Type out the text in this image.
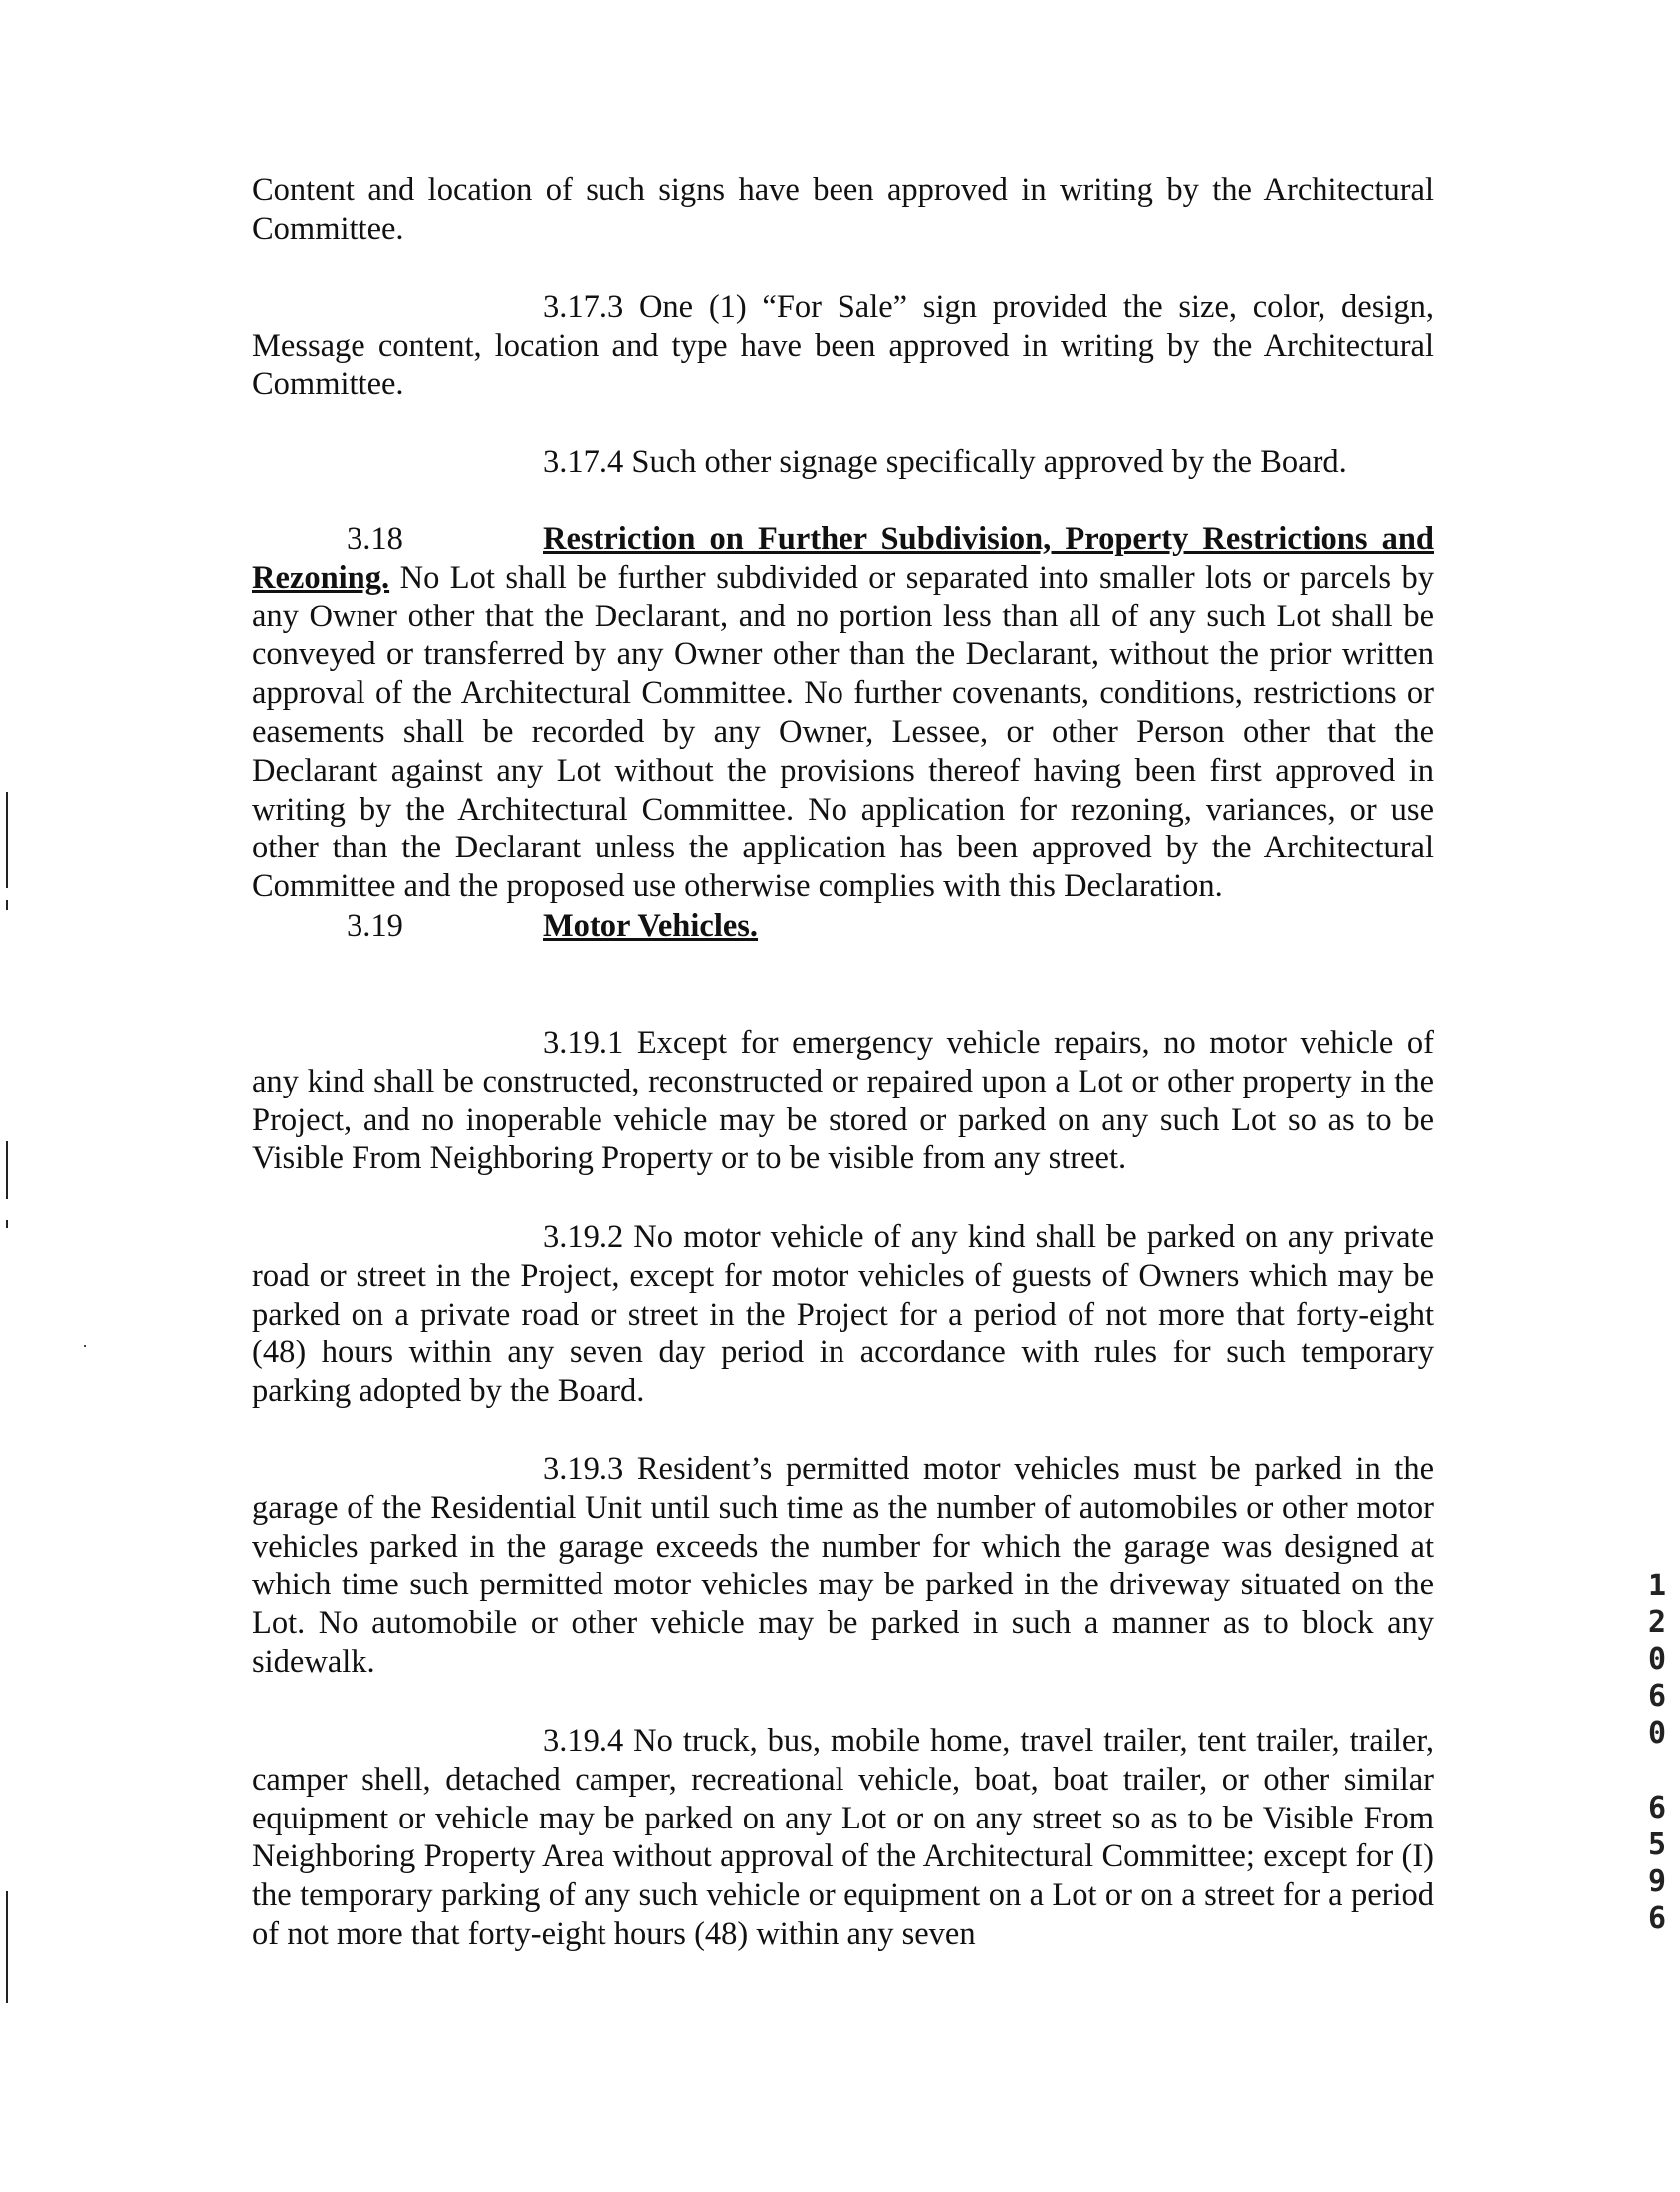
Content and location of such signs have been approved in writing by the Architectural Committee.
3.17.3 One (1) “For Sale” sign provided the size, color, design, Message content, location and type have been approved in writing by the Architectural Committee.
3.17.4 Such other signage specifically approved by the Board.
3.18	Restriction on Further Subdivision, Property Restrictions and
Rezoning. No Lot shall be further subdivided or separated into smaller lots or parcels by any Owner other that the Declarant, and no portion less than all of any such Lot shall be conveyed or transferred by any Owner other than the Declarant, without the prior written approval of the Architectural Committee. No further covenants, conditions, restrictions or easements shall be recorded by any Owner, Lessee, or other Person other that the Declarant against any Lot without the provisions thereof having been first approved in writing by the Architectural Committee. No application for rezoning, variances, or use other than the Declarant unless the application has been approved by the Architectural Committee and the proposed use otherwise complies with this Declaration.
3.19	Motor Vehicles.
3.19.1 Except for emergency vehicle repairs, no motor vehicle of any kind shall be constructed, reconstructed or repaired upon a Lot or other property in the Project, and no inoperable vehicle may be stored or parked on any such Lot so as to be Visible From Neighboring Property or to be visible from any street.
3.19.2 No motor vehicle of any kind shall be parked on any private road or street in the Project, except for motor vehicles of guests of Owners which may be parked on a private road or street in the Project for a period of not more that forty-eight (48) hours within any seven day period in accordance with rules for such temporary parking adopted by the Board.
3.19.3 Resident’s permitted motor vehicles must be parked in the garage of the Residential Unit until such time as the number of automobiles or other motor vehicles parked in the garage exceeds the number for which the garage was designed at which time such permitted motor vehicles may be parked in the driveway situated on the Lot. No automobile or other vehicle may be parked in such a manner as to block any sidewalk.
3.19.4 No truck, bus, mobile home, travel trailer, tent trailer, trailer, camper shell, detached camper, recreational vehicle, boat, boat trailer, or other similar equipment or vehicle may be parked on any Lot or on any street so as to be Visible From Neighboring Property Area without approval of the Architectural Committee; except for (I) the temporary parking of any such vehicle or equipment on a Lot or on a street for a period of not more that forty-eight hours (48) within any seven
1
2
0
6
0
6
5
9
6
